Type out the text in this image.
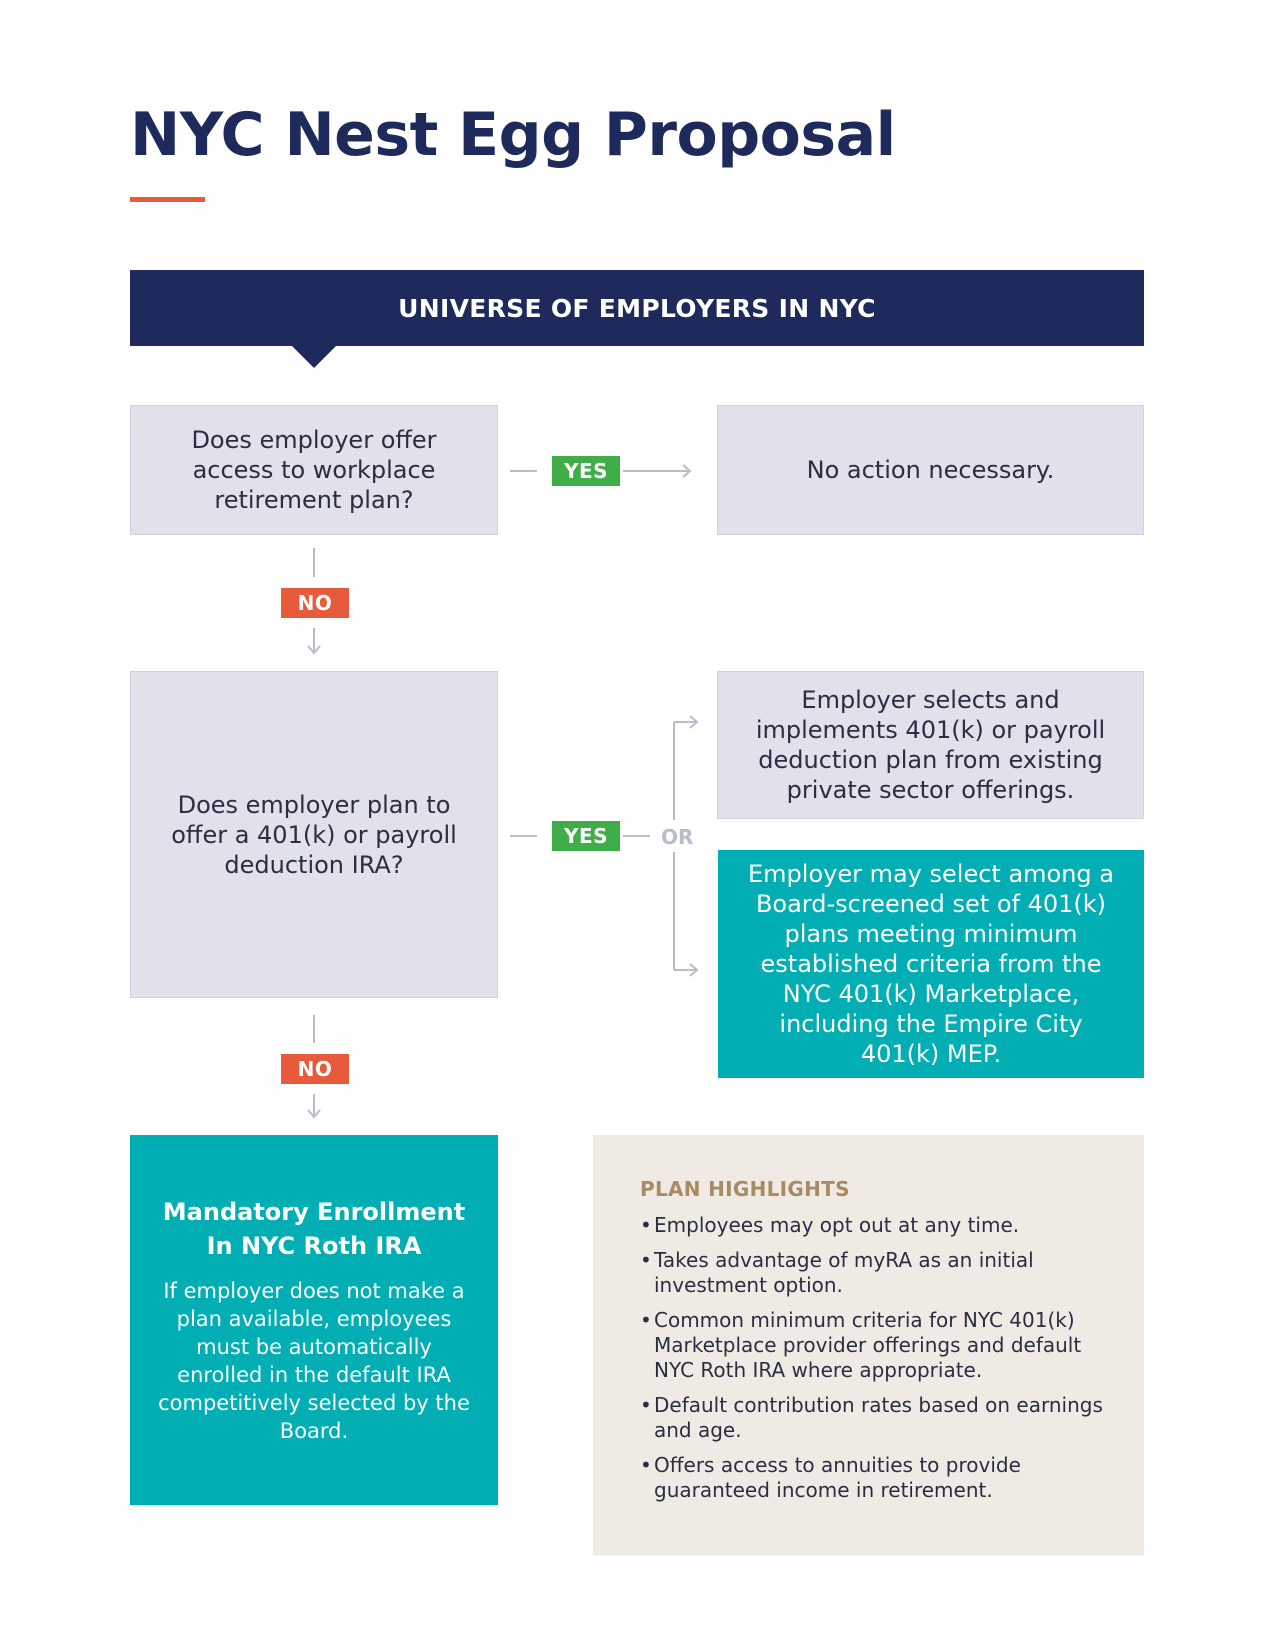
NYC Nest Egg Proposal
UNIVERSE OF EMPLOYERS IN NYC
Does employer offer access to workplace retirement plan?
YES	No action necessary.
NO
Does employer plan to offer a 401(k) or payroll deduction IRA?
YES	OR
Employer selects and implements 401(k) or payroll deduction plan from existing private sector offerings.
Employer may select among a Board-screened set of 401(k) plans meeting minimum established criteria from the NYC 401(k) Marketplace, including the Empire City 401(k) MEP.
NO
Mandatory Enrollment In NYC Roth IRA
If employer does not make a plan available, employees must be automatically enrolled in the default IRA competitively selected by the Board.
PLAN HIGHLIGHTS
• Employees may opt out at any time.
• Takes advantage of myRA as an initial investment option.
• Common minimum criteria for NYC 401(k) Marketplace provider offerings and default NYC Roth IRA where appropriate.
• Default contribution rates based on earnings and age.
• Offers access to annuities to provide guaranteed income in retirement.
